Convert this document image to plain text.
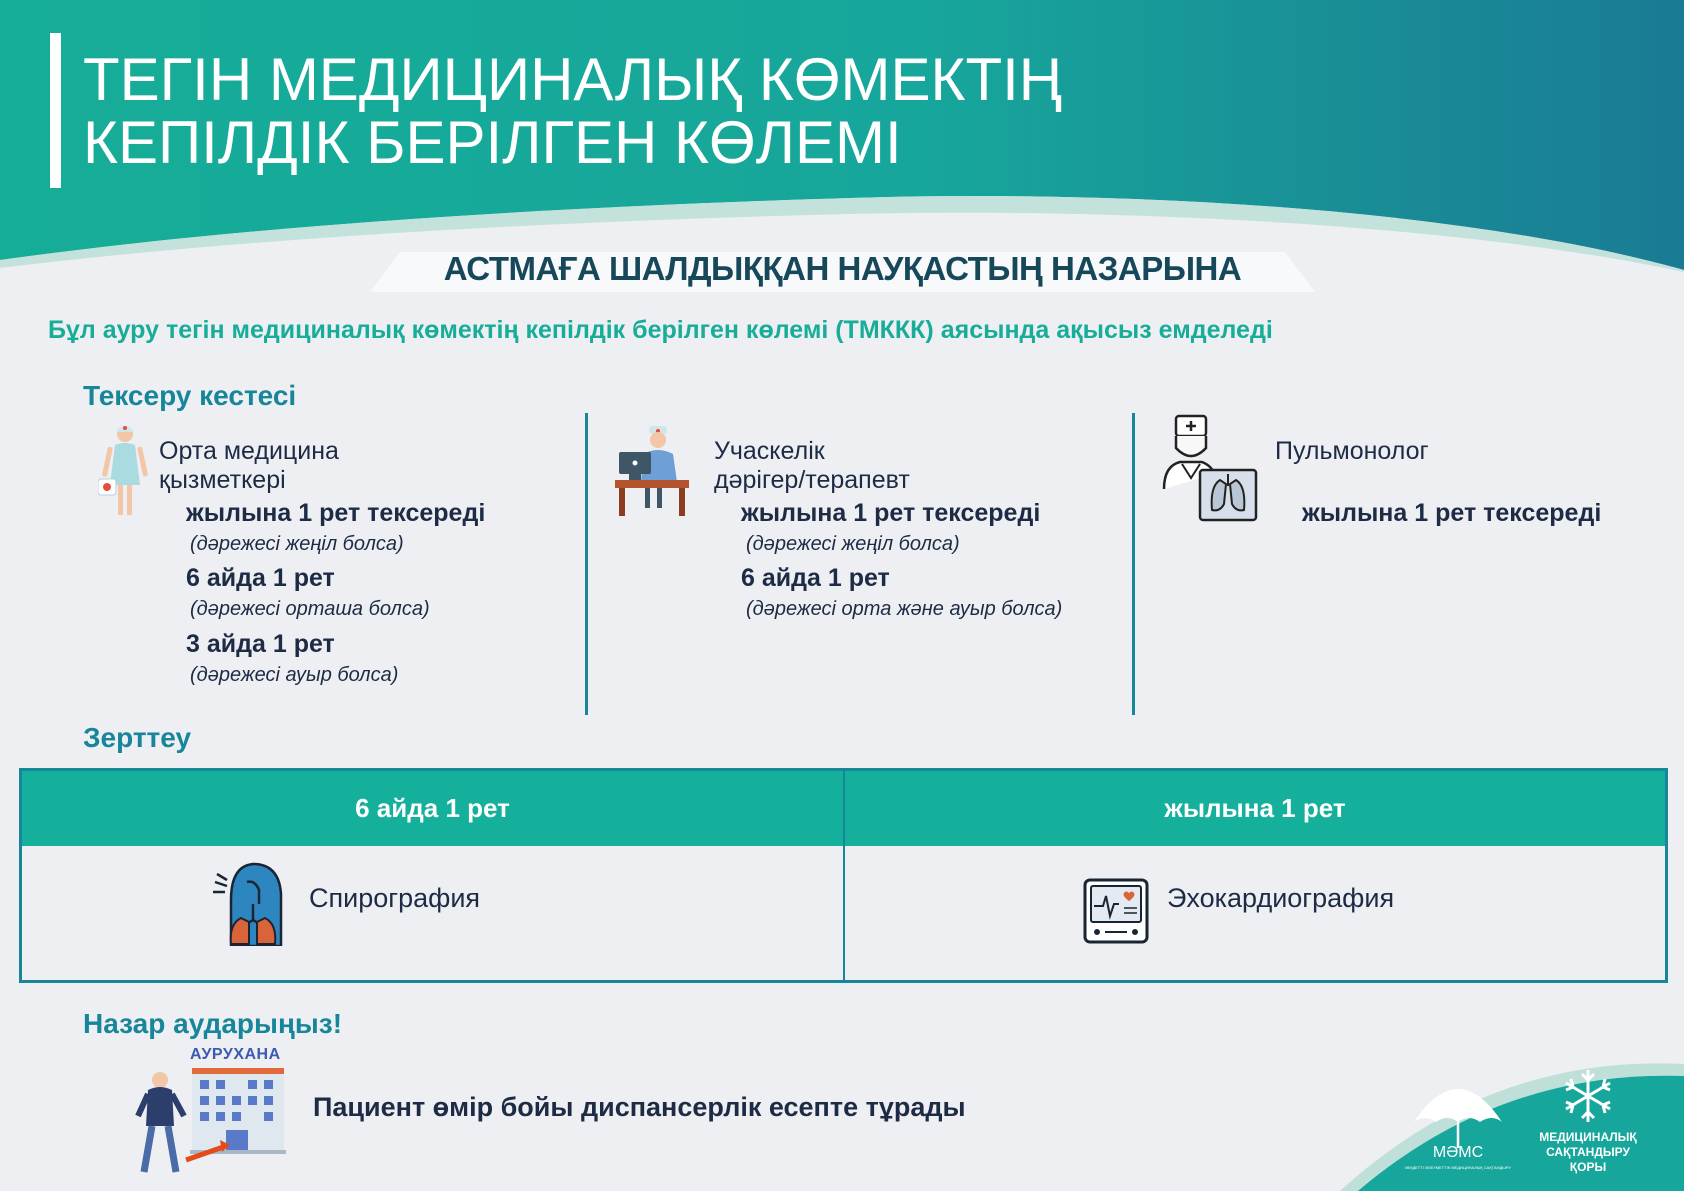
ТЕГІН МЕДИЦИНАЛЫҚ КӨМЕКТІҢ
КЕПІЛДІК БЕРІЛГЕН КӨЛЕМІ
АСТМАҒА ШАЛДЫҚҚАН НАУҚАСТЫҢ НАЗАРЫНА
Бұл ауру тегін медициналық көмектің кепілдік берілген көлемі (ТМККК) аясында ақысыз емделеді
Тексеру кестесі
Орта медицина
қызметкері
жылына 1 рет тексереді
(дәрежесі жеңіл болса)
6 айда 1 рет
(дәрежесі орташа болса)
3 айда 1 рет
(дәрежесі ауыр болса)
Учаскелік
дәрігер/терапевт
жылына 1 рет тексереді
(дәрежесі жеңіл болса)
6 айда 1 рет
(дәрежесі орта және ауыр болса)
Пульмонолог
жылына 1 рет тексереді
Зерттеу
6 айда 1 рет	жылына 1 рет
Спирография	Эхокардиография
Назар аударыңыз!
АУРУХАНА
Пациент өмір бойы диспансерлік есепте тұрады
МӘМС
МІНДЕТТІ ӘЛЕУМЕТТІК МЕДИЦИНАЛЫҚ САҚТАНДЫРУ
МЕДИЦИНАЛЫҚ
САҚТАНДЫРУ
ҚОРЫ
